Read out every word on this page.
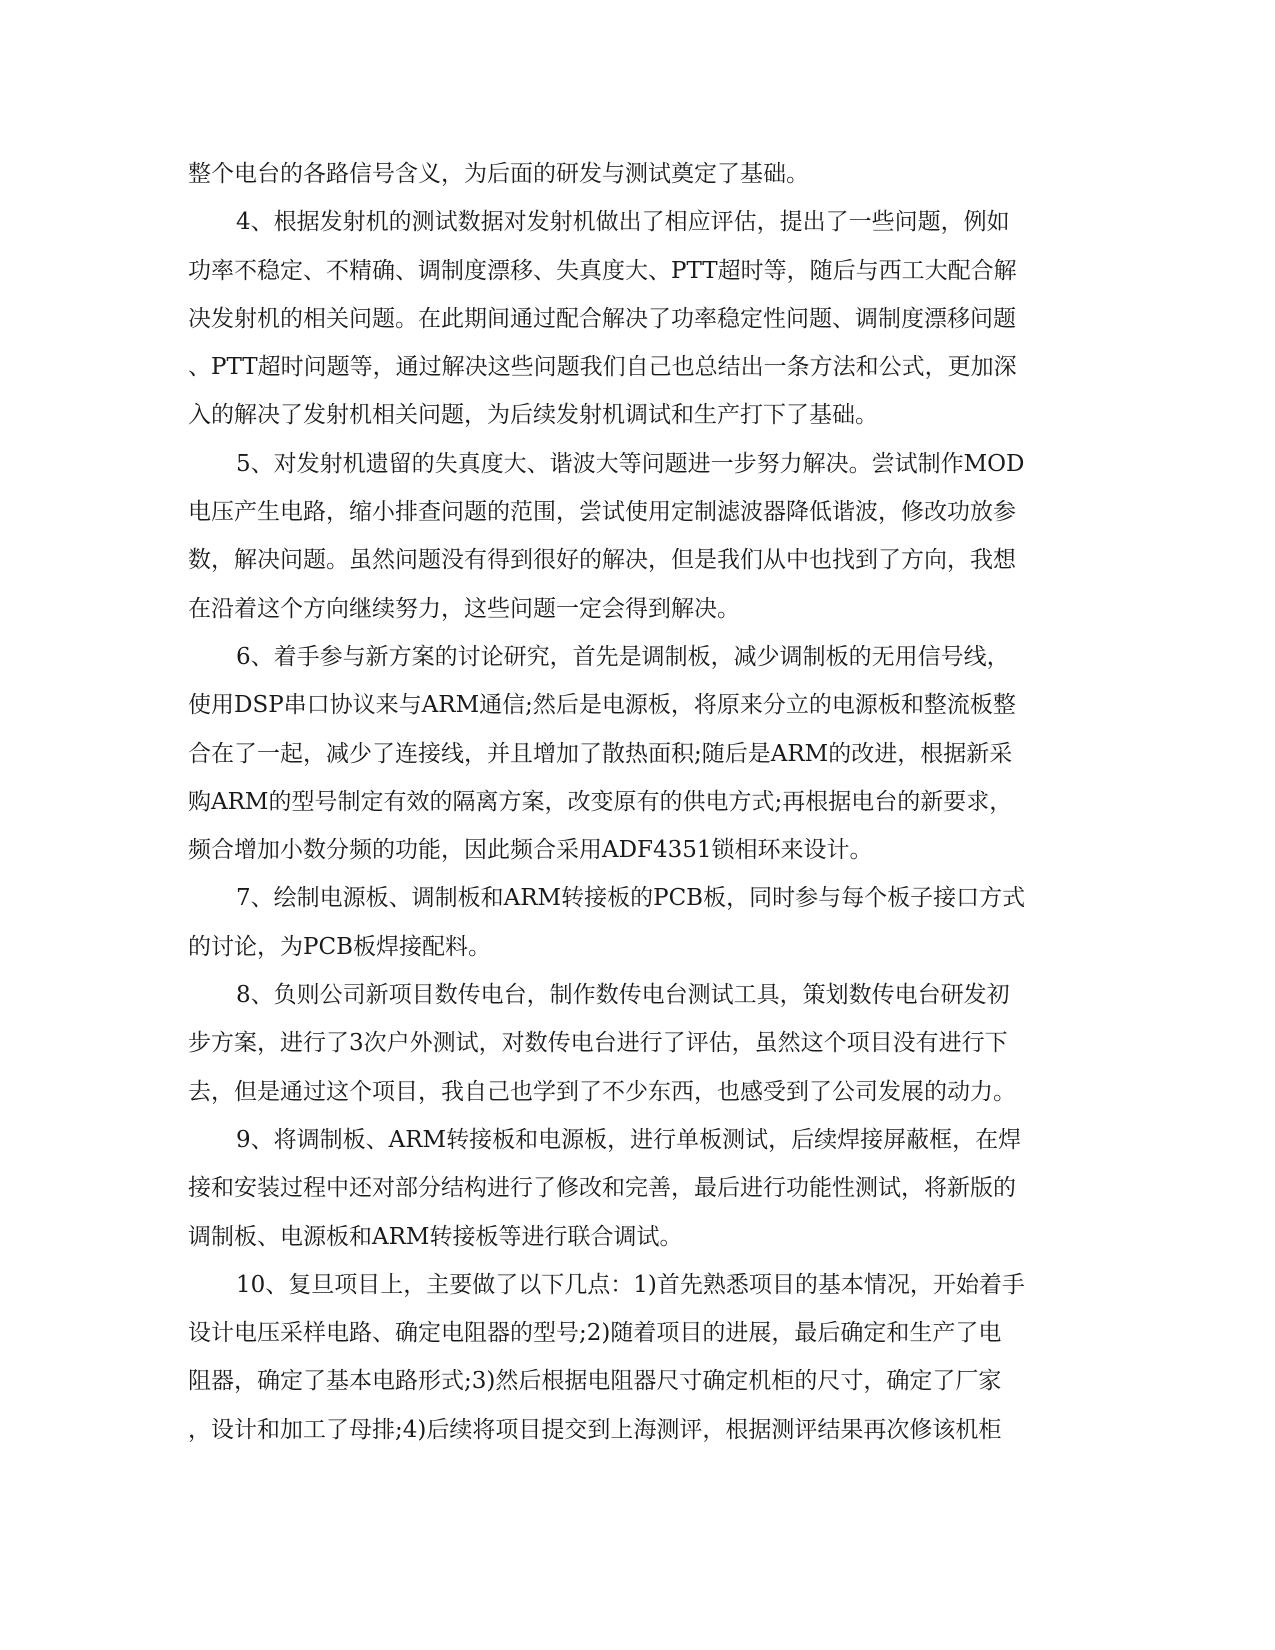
整个电台的各路信号含义，为后面的研发与测试奠定了基础。
4、根据发射机的测试数据对发射机做出了相应评估，提出了一些问题，例如
功率不稳定、不精确、调制度漂移、失真度大、PTT超时等，随后与西工大配合解
决发射机的相关问题。在此期间通过配合解决了功率稳定性问题、调制度漂移问题
、PTT超时问题等，通过解决这些问题我们自己也总结出一条方法和公式，更加深
入的解决了发射机相关问题，为后续发射机调试和生产打下了基础。
5、对发射机遗留的失真度大、谐波大等问题进一步努力解决。尝试制作MOD
电压产生电路，缩小排查问题的范围，尝试使用定制滤波器降低谐波，修改功放参
数，解决问题。虽然问题没有得到很好的解决，但是我们从中也找到了方向，我想
在沿着这个方向继续努力，这些问题一定会得到解决。
6、着手参与新方案的讨论研究，首先是调制板，减少调制板的无用信号线，
使用DSP串口协议来与ARM通信;然后是电源板，将原来分立的电源板和整流板整
合在了一起，减少了连接线，并且增加了散热面积;随后是ARM的改进，根据新采
购ARM的型号制定有效的隔离方案，改变原有的供电方式;再根据电台的新要求，
频合增加小数分频的功能，因此频合采用ADF4351锁相环来设计。
7、绘制电源板、调制板和ARM转接板的PCB板，同时参与每个板子接口方式
的讨论，为PCB板焊接配料。
8、负则公司新项目数传电台，制作数传电台测试工具，策划数传电台研发初
步方案，进行了3次户外测试，对数传电台进行了评估，虽然这个项目没有进行下
去，但是通过这个项目，我自己也学到了不少东西，也感受到了公司发展的动力。
9、将调制板、ARM转接板和电源板，进行单板测试，后续焊接屏蔽框，在焊
接和安装过程中还对部分结构进行了修改和完善，最后进行功能性测试，将新版的
调制板、电源板和ARM转接板等进行联合调试。
10、复旦项目上，主要做了以下几点：1)首先熟悉项目的基本情况，开始着手
设计电压采样电路、确定电阻器的型号;2)随着项目的进展，最后确定和生产了电
阻器，确定了基本电路形式;3)然后根据电阻器尺寸确定机柜的尺寸，确定了厂家
，设计和加工了母排;4)后续将项目提交到上海测评，根据测评结果再次修该机柜
